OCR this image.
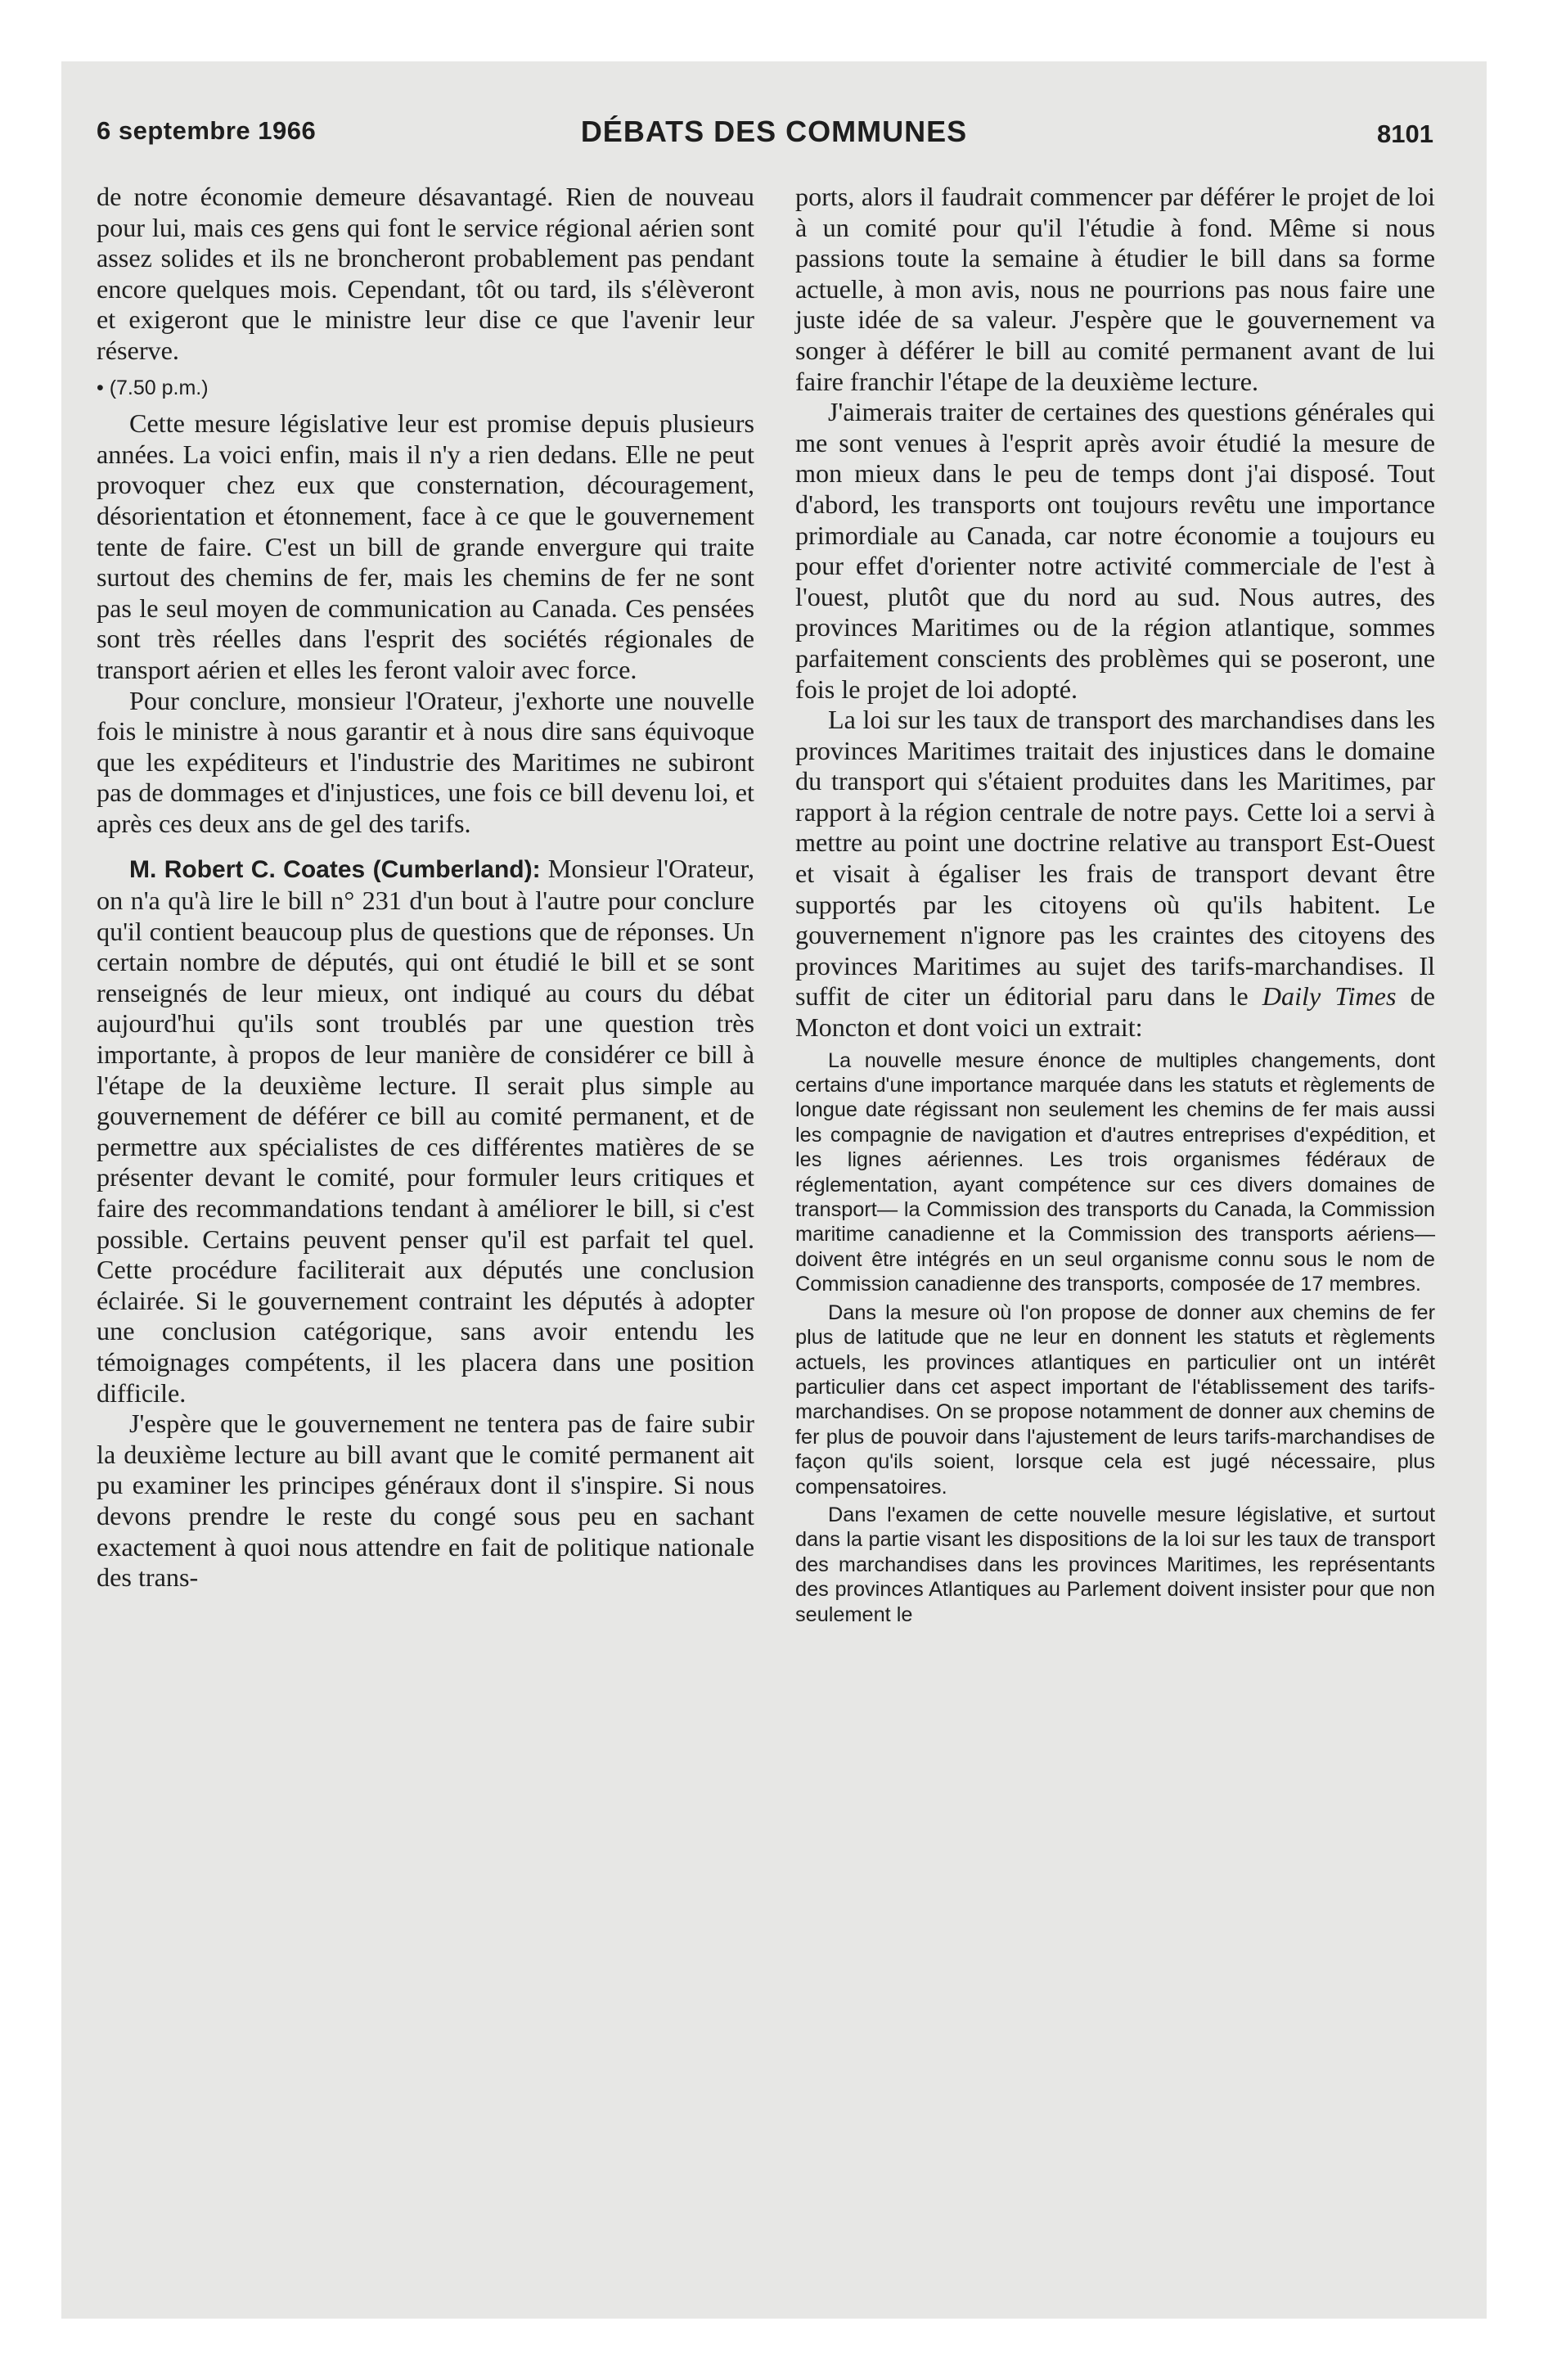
6 septembre 1966	DÉBATS DES COMMUNES	8101

de notre économie demeure désavantagé. Rien de nouveau pour lui, mais ces gens qui font le service régional aérien sont assez solides et ils ne broncheront probablement pas pendant encore quelques mois. Cependant, tôt ou tard, ils s'élèveront et exigeront que le ministre leur dise ce que l'avenir leur réserve.

• (7.50 p.m.)

Cette mesure législative leur est promise depuis plusieurs années. La voici enfin, mais il n'y a rien dedans. Elle ne peut provoquer chez eux que consternation, découragement, désorientation et étonnement, face à ce que le gouvernement tente de faire. C'est un bill de grande envergure qui traite surtout des chemins de fer, mais les chemins de fer ne sont pas le seul moyen de communication au Canada. Ces pensées sont très réelles dans l'esprit des sociétés régionales de transport aérien et elles les feront valoir avec force.

Pour conclure, monsieur l'Orateur, j'exhorte une nouvelle fois le ministre à nous garantir et à nous dire sans équivoque que les expéditeurs et l'industrie des Maritimes ne subiront pas de dommages et d'injustices, une fois ce bill devenu loi, et après ces deux ans de gel des tarifs.

M. Robert C. Coates (Cumberland): Monsieur l'Orateur, on n'a qu'à lire le bill n° 231 d'un bout à l'autre pour conclure qu'il contient beaucoup plus de questions que de réponses. Un certain nombre de députés, qui ont étudié le bill et se sont renseignés de leur mieux, ont indiqué au cours du débat aujourd'hui qu'ils sont troublés par une question très importante, à propos de leur manière de considérer ce bill à l'étape de la deuxième lecture. Il serait plus simple au gouvernement de déférer ce bill au comité permanent, et de permettre aux spécialistes de ces différentes matières de se présenter devant le comité, pour formuler leurs critiques et faire des recommandations tendant à améliorer le bill, si c'est possible. Certains peuvent penser qu'il est parfait tel quel. Cette procédure faciliterait aux députés une conclusion éclairée. Si le gouvernement contraint les députés à adopter une conclusion catégorique, sans avoir entendu les témoignages compétents, il les placera dans une position difficile.

J'espère que le gouvernement ne tentera pas de faire subir la deuxième lecture au bill avant que le comité permanent ait pu examiner les principes généraux dont il s'inspire. Si nous devons prendre le reste du congé sous peu en sachant exactement à quoi nous attendre en fait de politique nationale des trans-

ports, alors il faudrait commencer par déférer le projet de loi à un comité pour qu'il l'étudie à fond. Même si nous passions toute la semaine à étudier le bill dans sa forme actuelle, à mon avis, nous ne pourrions pas nous faire une juste idée de sa valeur. J'espère que le gouvernement va songer à déférer le bill au comité permanent avant de lui faire franchir l'étape de la deuxième lecture.

J'aimerais traiter de certaines des questions générales qui me sont venues à l'esprit après avoir étudié la mesure de mon mieux dans le peu de temps dont j'ai disposé. Tout d'abord, les transports ont toujours revêtu une importance primordiale au Canada, car notre économie a toujours eu pour effet d'orienter notre activité commerciale de l'est à l'ouest, plutôt que du nord au sud. Nous autres, des provinces Maritimes ou de la région atlantique, sommes parfaitement conscients des problèmes qui se poseront, une fois le projet de loi adopté.

La loi sur les taux de transport des marchandises dans les provinces Maritimes traitait des injustices dans le domaine du transport qui s'étaient produites dans les Maritimes, par rapport à la région centrale de notre pays. Cette loi a servi à mettre au point une doctrine relative au transport Est-Ouest et visait à égaliser les frais de transport devant être supportés par les citoyens où qu'ils habitent. Le gouvernement n'ignore pas les craintes des citoyens des provinces Maritimes au sujet des tarifs-marchandises. Il suffit de citer un éditorial paru dans le Daily Times de Moncton et dont voici un extrait:

La nouvelle mesure énonce de multiples changements, dont certains d'une importance marquée dans les statuts et règlements de longue date régissant non seulement les chemins de fer mais aussi les compagnie de navigation et d'autres entreprises d'expédition, et les lignes aériennes. Les trois organismes fédéraux de réglementation, ayant compétence sur ces divers domaines de transport— la Commission des transports du Canada, la Commission maritime canadienne et la Commission des transports aériens—doivent être intégrés en un seul organisme connu sous le nom de Commission canadienne des transports, composée de 17 membres.

Dans la mesure où l'on propose de donner aux chemins de fer plus de latitude que ne leur en donnent les statuts et règlements actuels, les provinces atlantiques en particulier ont un intérêt particulier dans cet aspect important de l'établissement des tarifs-marchandises. On se propose notamment de donner aux chemins de fer plus de pouvoir dans l'ajustement de leurs tarifs-marchandises de façon qu'ils soient, lorsque cela est jugé nécessaire, plus compensatoires.

Dans l'examen de cette nouvelle mesure législative, et surtout dans la partie visant les dispositions de la loi sur les taux de transport des marchandises dans les provinces Maritimes, les représentants des provinces Atlantiques au Parlement doivent insister pour que non seulement le
